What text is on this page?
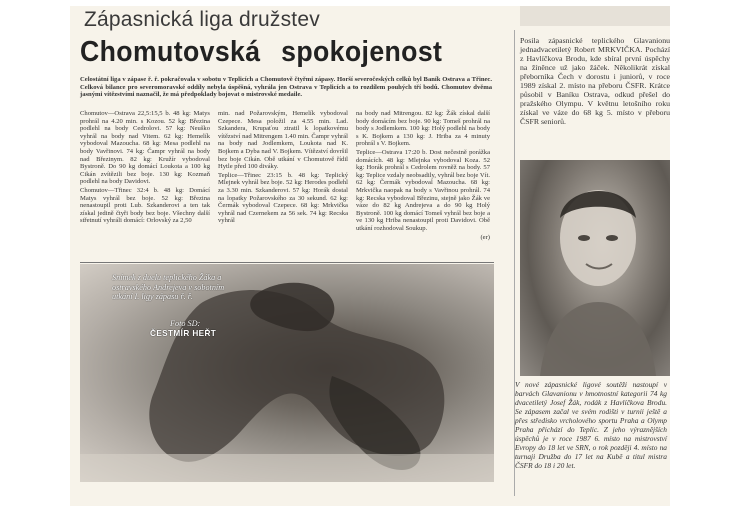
Zápasnická liga družstev
Chomutovská spokojenost

Celostátní liga v zápase ř. ř. pokračovala v sobotu v Teplicích a Chomutově čtyřmi zápasy. Horší severočeských celků byl Baník Ostrava a Třinec. Celková bilance pro severomoravské oddíly nebyla úspěšná, vyhrála jen Ostrava v Teplicích a to rozdílem pouhých tří bodů. Chomutov dvěma jasnými vítězstvími naznačil, že má předpoklady bojovat o mistrovské medaile.

Chomutov—Ostrava 22,5:15,5 b. 48 kg: Matys prohrál na 4.20 min. s Kozou. 52 kg: Březina podlehl na body Cedrolovi. 57 kg: Neuško vyhrál na body nad Vitem. 62 kg: Hemelík vybodoval Mazoucha. 68 kg: Mesa podlehl na body Vavřinovi. 74 kg: Čampr vyhrál na body nad Březinym. 82 kg: Kružír vybodoval Bystroně. Do 90 kg domácí Loukota a 100 kg Cikán zvítězili bez boje. 130 kg: Kozmaň podlehl na body Davidovi.

Chomutov—Třinec 32:4 b. 48 kg: Domácí Matys vyhrál bez boje. 52 kg: Březina nenastoupil proti Lub. Szkanderovi a ten tak získal jedině čtyři body bez boje. Všechny další střetnutí vyhráli domácí: Orlovský za 2,50

min. nad Požarovským, Hemelík vybodoval Czepece. Mesa položil za 4.55 min. Lad. Szkandera, Krupaťou ztratil k lopatkovému vítězství nad Mitrengem 1.40 min. Čampr vyhrál na body nad Jodlemkem, Loukota nad K. Bojkem a Dyba nad V. Bojkem. Vítězství dovršil bez boje Cikán. Obě utkání v Chomutově řídil Hytle před 100 diváky.

Teplice—Třinec 23:15 b. 48 kg: Teplický Mlejnek vyhrál bez boje. 52 kg: Herodes podlehl za 3.30 min. Szkanderovi. 57 kg: Horák dostal na lopatky Požarovského za 30 sekund. 62 kg: Čermák vybodoval Czepece. 68 kg: Mrkvička vyhrál nad Czernekem za 56 sek. 74 kg: Recska vyhrál

na body nad Mitrengou. 82 kg: Žák získal další body domácím bez boje. 90 kg: Tomeš prohrál na body s Jodlemkem. 100 kg: Holý podlehl na body s K. Bojkem a 130 kg: J. Hriba za 4 minuty prohrál s V. Bojkem.

Teplice—Ostrava 17:20 b. Dost nečestně porážka domácích. 48 kg: Mlejnka vybodoval Koza. 52 kg: Horák prohrál s Cedrolem rovněž na body. 57 kg: Teplice vzdaly neobsadily, vyhrál bez boje Vít. 62 kg: Čermák vybodoval Mazoucha. 68 kg: Mrkvička naopak na body s Vavřinou prohrál. 74 kg: Recska vybodoval Březinu, stejně jako Žák ve váze do 82 kg Andrejeva a do 90 kg Holý Bystroně. 100 kg domácí Tomeš vyhrál bez boje a ve 130 kg Hriba nenastoupil proti Davidovi. Obě utkání rozhodoval Soukup.

(er)

Snímek z duelu teplického Žáka a ostravského Andrejeva v sobotním utkání I. ligy zápasu ř. ř.
Foto SD:
ČESTMÍR HEŘT
Posila zápasnické teplického Glavanionu jednadvacetiletý Robert MRKVIČKA. Pochází z Havlíčkova Brodu, kde sbíral první úspěchy na žíněnce už jako žáček. Několikrát získal přeborníka Čech v dorostu i juniorů, v roce 1989 získal 2. místo na přeboru ČSFR. Krátce působil v Baníku Ostrava, odkud přešel do pražského Olympu. V květnu letošního roku získal ve váze do 68 kg 5. místo v přeboru ČSFR seniorů.
V nové zápasnické ligové soutěži nastoupí v barvách Glavanionu v hmotnostní kategorii 74 kg dvacetiletý Josef Žák, rodák z Havlíčkova Brodu. Se zápasem začal ve svém rodišti v turnii ještě a přes středisko vrcholového sportu Praha a Olymp Praha přichází do Teplic. Z jeho výraznějších úspěchů je v roce 1987 6. místo na mistrovství Evropy do 18 let ve SRN, o rok později 4. místo na turnaji Družba do 17 let na Kubě a titul mistra ČSFR do 18 i 20 let.
